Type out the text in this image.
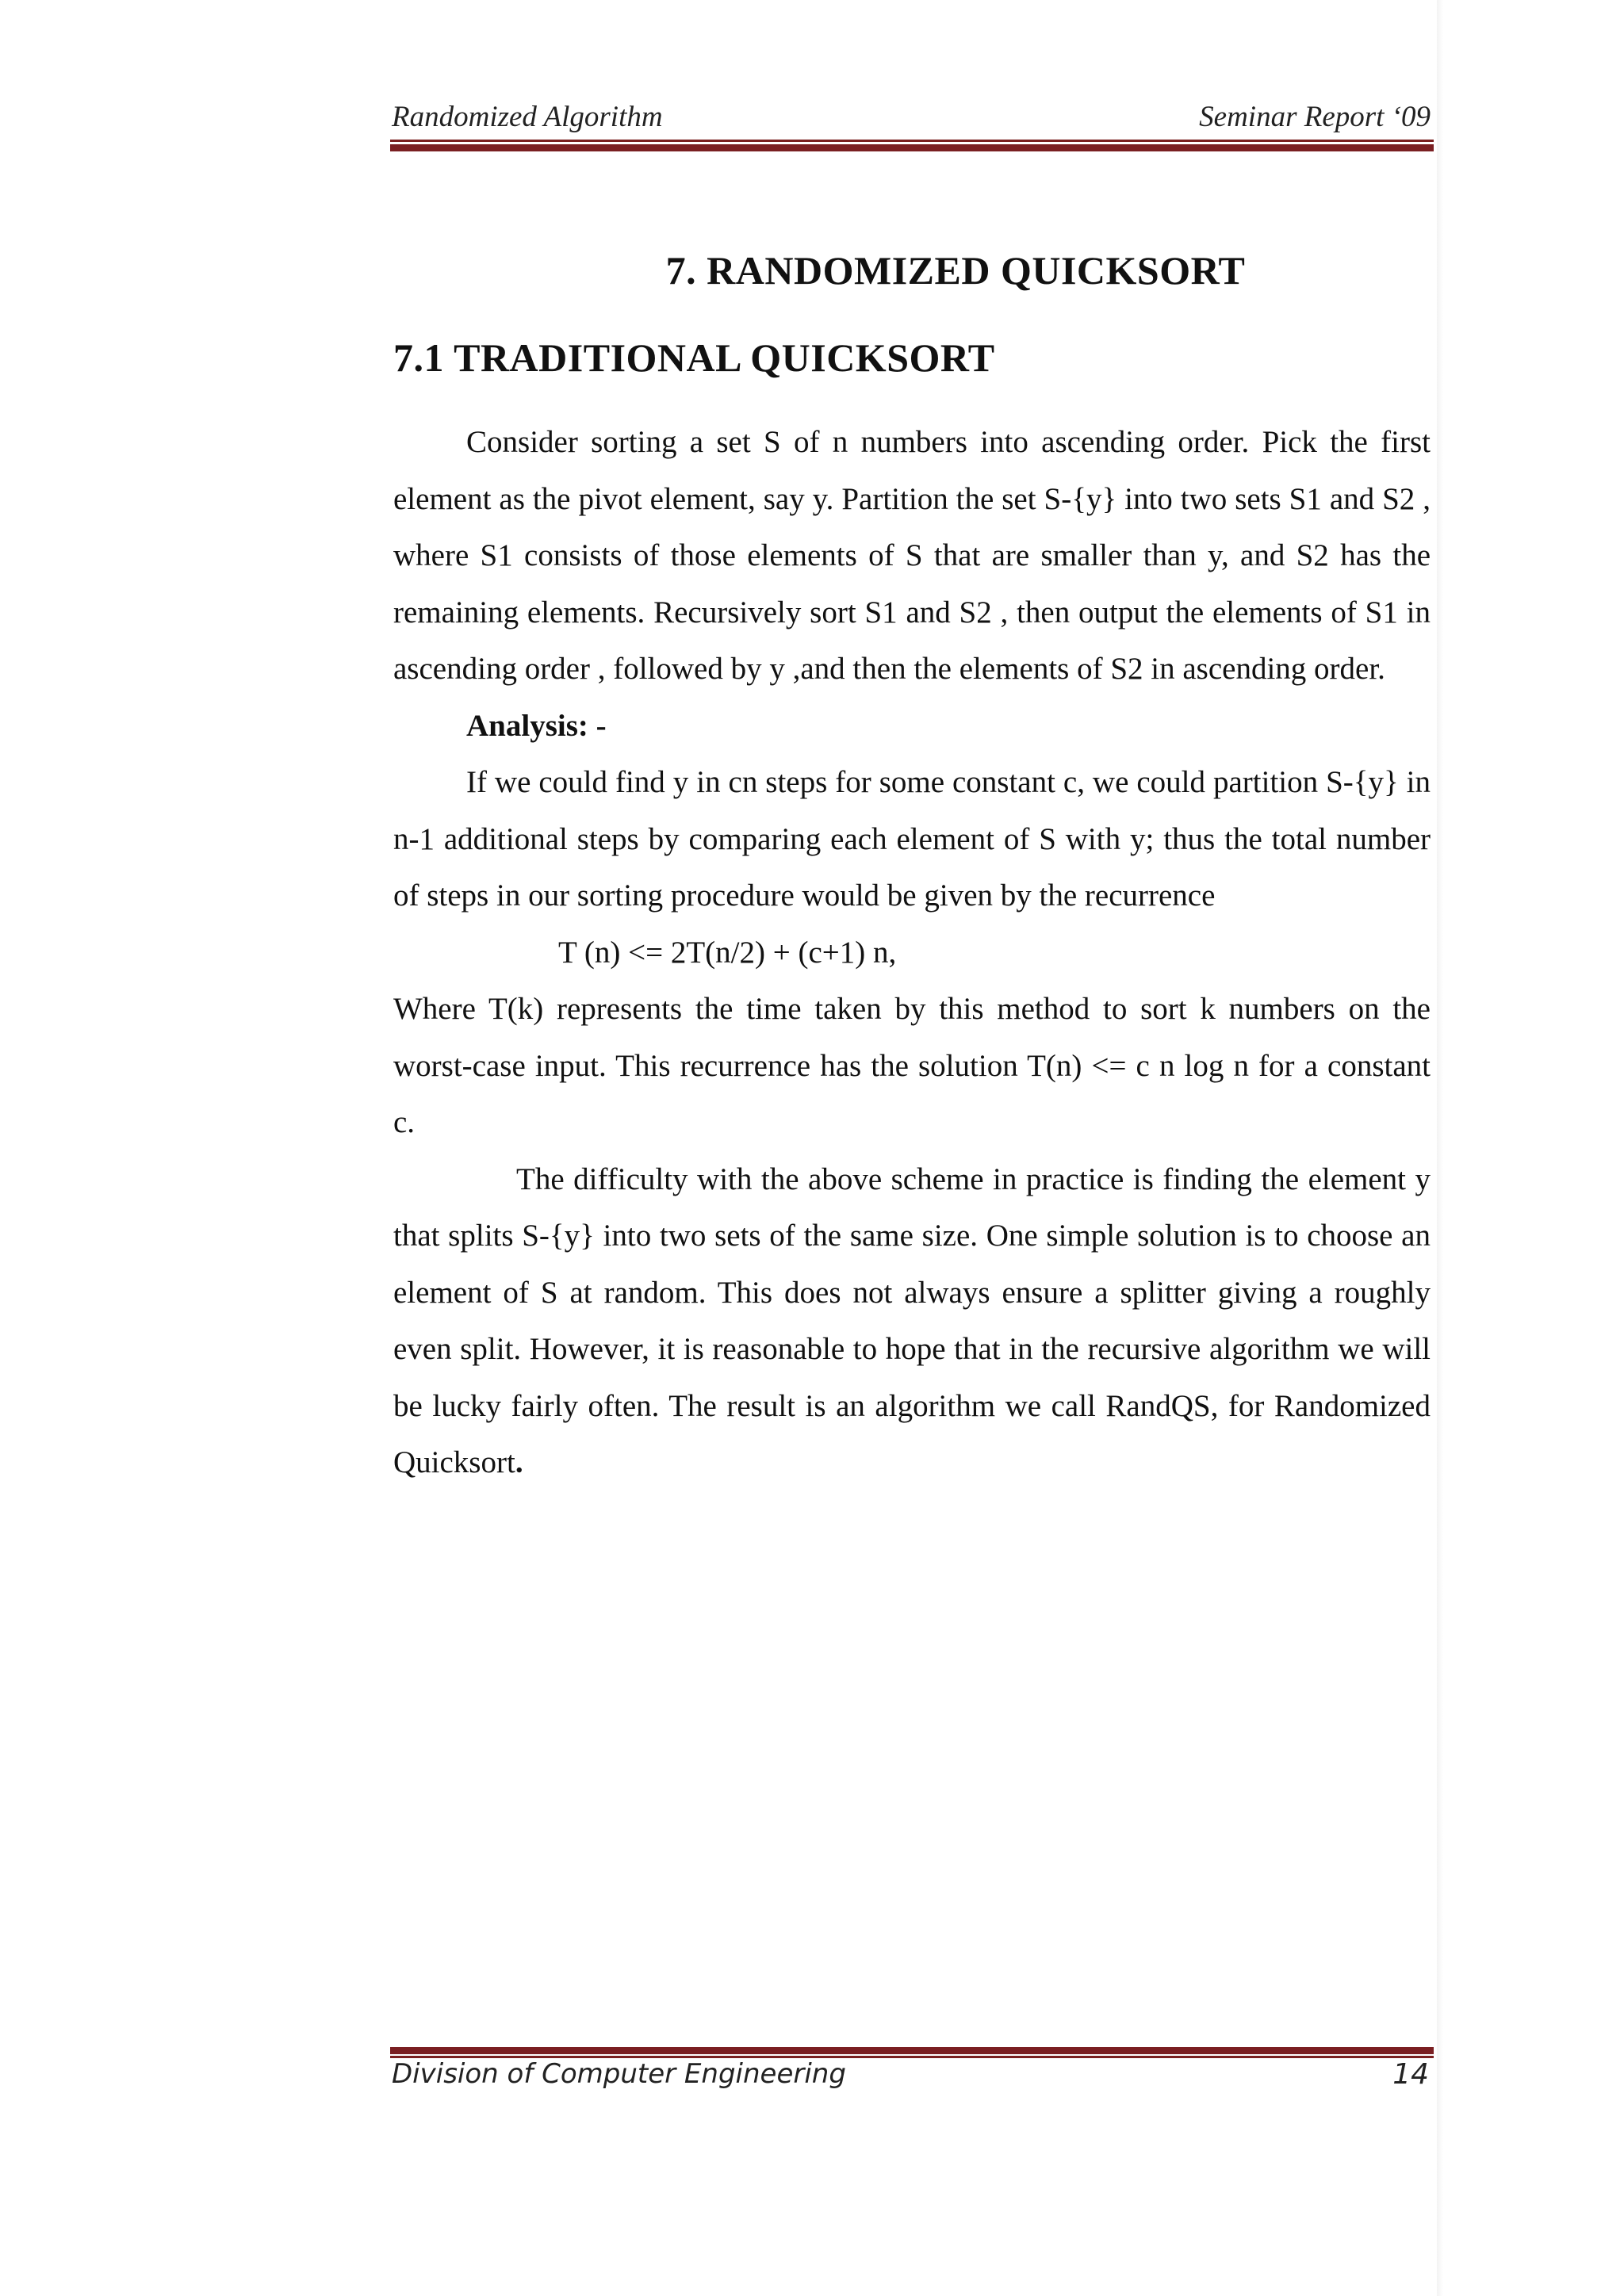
Randomized Algorithm	Seminar Report ‘09
7. RANDOMIZED QUICKSORT
7.1 TRADITIONAL QUICKSORT

Consider sorting a set S of n numbers into ascending order. Pick the first element as the pivot element, say y. Partition the set S-{y} into two sets S1 and S2 , where S1 consists of those elements of S that are smaller than y, and S2 has the remaining elements. Recursively sort S1 and S2 , then output the elements of S1 in ascending order , followed by y ,and then the elements of S2 in ascending order.

Analysis: -

If we could find y in cn steps for some constant c, we could partition S-{y} in n-1 additional steps by comparing each element of S with y; thus the total number of steps in our sorting procedure would be given by the recurrence

T (n) <= 2T(n/2) + (c+1) n,

Where T(k) represents the time taken by this method to sort k numbers on the worst-case input. This recurrence has the solution T(n) <= c n log n for a constant c.

The difficulty with the above scheme in practice is finding the element y that splits S-{y} into two sets of the same size. One simple solution is to choose an element of S at random. This does not always ensure a splitter giving a roughly even split. However, it is reasonable to hope that in the recursive algorithm we will be lucky fairly often. The result is an algorithm we call RandQS, for Randomized Quicksort.

Division of Computer Engineering	14
